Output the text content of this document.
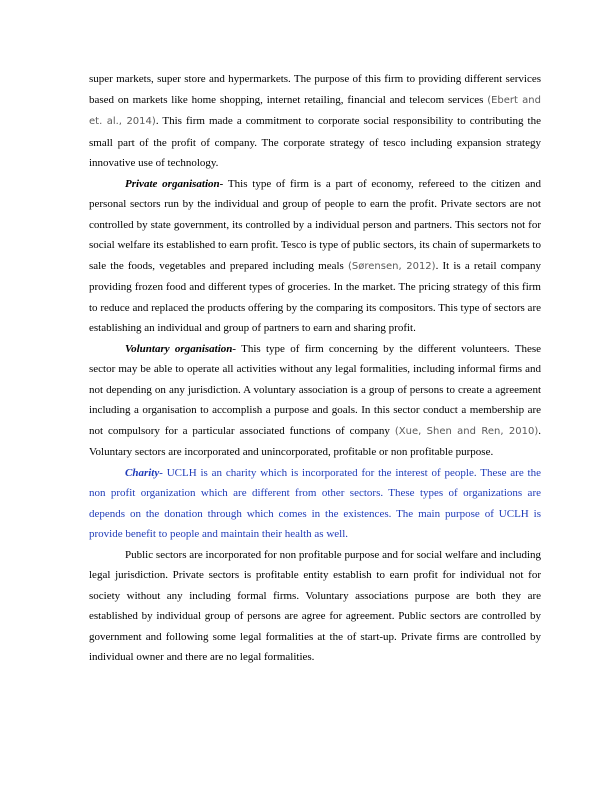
super markets, super store and hypermarkets. The purpose of this firm to providing different services based on markets like home shopping, internet retailing, financial and telecom services (Ebert and et. al., 2014). This firm made a commitment to corporate social responsibility to contributing the small part of the profit of company. The corporate strategy of tesco including expansion strategy innovative use of technology.

Private organisation- This type of firm is a part of economy, refereed to the citizen and personal sectors run by the individual and group of people to earn the profit. Private sectors are not controlled by state government, its controlled by a individual person and partners. This sectors not for social welfare its established to earn profit. Tesco is type of public sectors, its chain of supermarkets to sale the foods, vegetables and prepared including meals (Sørensen, 2012). It is a retail company providing frozen food and different types of groceries. In the market. The pricing strategy of this firm to reduce and replaced the products offering by the comparing its compositors. This type of sectors are establishing an individual and group of partners to earn and sharing profit.

Voluntary organisation- This type of firm concerning by the different volunteers. These sector may be able to operate all activities without any legal formalities, including informal firms and not depending on any jurisdiction. A voluntary association is a group of persons to create a agreement including a organisation to accomplish a purpose and goals. In this sector conduct a membership are not compulsory for a particular associated functions of company (Xue, Shen and Ren, 2010). Voluntary sectors are incorporated and unincorporated, profitable or non profitable purpose.

Charity- UCLH is an charity which is incorporated for the interest of people. These are the non profit organization which are different from other sectors. These types of organizations are depends on the donation through which comes in the existences. The main purpose of UCLH is provide benefit to people and maintain their health as well.

Public sectors are incorporated for non profitable purpose and for social welfare and including legal jurisdiction. Private sectors is profitable entity establish to earn profit for individual not for society without any including formal firms. Voluntary associations purpose are both they are established by individual group of persons are agree for agreement. Public sectors are controlled by government and following some legal formalities at the of start-up. Private firms are controlled by individual owner and there are no legal formalities.
